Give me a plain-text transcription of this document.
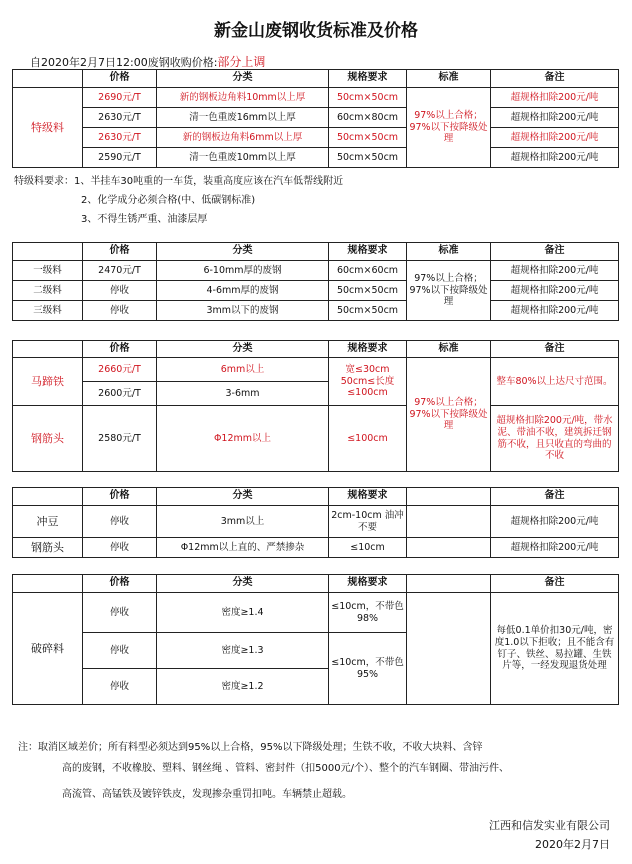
新金山废钢收货标准及价格
自2020年2月7日12:00废钢收购价格:部分上调
	价格	分类	规格要求	标准	备注
特级料	2690元/T	新的钢板边角料10mm以上厚	50cm×50cm	97%以上合格；97%以下按降级处理	超规格扣除200元/吨
	2630元/T	清一色重废16mm以上厚	60cm×80cm		超规格扣除200元/吨
	2630元/T	新的钢板边角料6mm以上厚	50cm×50cm		超规格扣除200元/吨
	2590元/T	清一色重废10mm以上厚	50cm×50cm		超规格扣除200元/吨
特级料要求：1、半挂车30吨重的一车货，装重高度应该在汽车低帮线附近
2、化学成分必须合格(中、低碳钢标准)
3、不得生锈严重、油漆层厚
	价格	分类	规格要求	标准	备注
一级料	2470元/T	6-10mm厚的废钢	60cm×60cm	97%以上合格；97%以下按降级处理	超规格扣除200元/吨
二级料	停收	4-6mm厚的废钢	50cm×50cm		超规格扣除200元/吨
三级料	停收	3mm以下的废钢	50cm×50cm		超规格扣除200元/吨
	价格	分类	规格要求	标准	备注
马蹄铁	2660元/T	6mm以上	宽≤30cm 50cm≤长度≤100cm	97%以上合格；97%以下按降级处理	整车80%以上达尺寸范围。
	2600元/T	3-6mm			
钢筋头	2580元/T	Φ12mm以上	≤100cm		超规格扣除200元/吨，带水泥、带油不收，建筑拆迁钢筋不收，且只收直的弯曲的不收
	价格	分类	规格要求		备注
冲豆	停收	3mm以上	2cm-10cm 油冲不要		超规格扣除200元/吨
钢筋头	停收	Φ12mm以上直的、严禁掺杂	≤10cm		超规格扣除200元/吨
	价格	分类	规格要求		备注
破碎料	停收	密度≥1.4	≤10cm，不带色98%		每低0.1单价扣30元/吨，密度1.0以下拒收；且不能含有钉子、铁丝、易拉罐、生铁片等，一经发现退货处理
	停收	密度≥1.3	≤10cm，不带色95%		
	停收	密度≥1.2			
注：取消区域差价；所有料型必须达到95%以上合格，95%以下降级处理；生铁不收，不收大块料、含锌
高的废钢，不收橡胶、塑料、钢丝绳 、管料、密封件（扣5000元/个）、整个的汽车钢圈、带油污件、
高流管、高锰铁及镀锌铁皮，发现掺杂重罚扣吨。车辆禁止超载。
江西和信发实业有限公司
2020年2月7日
